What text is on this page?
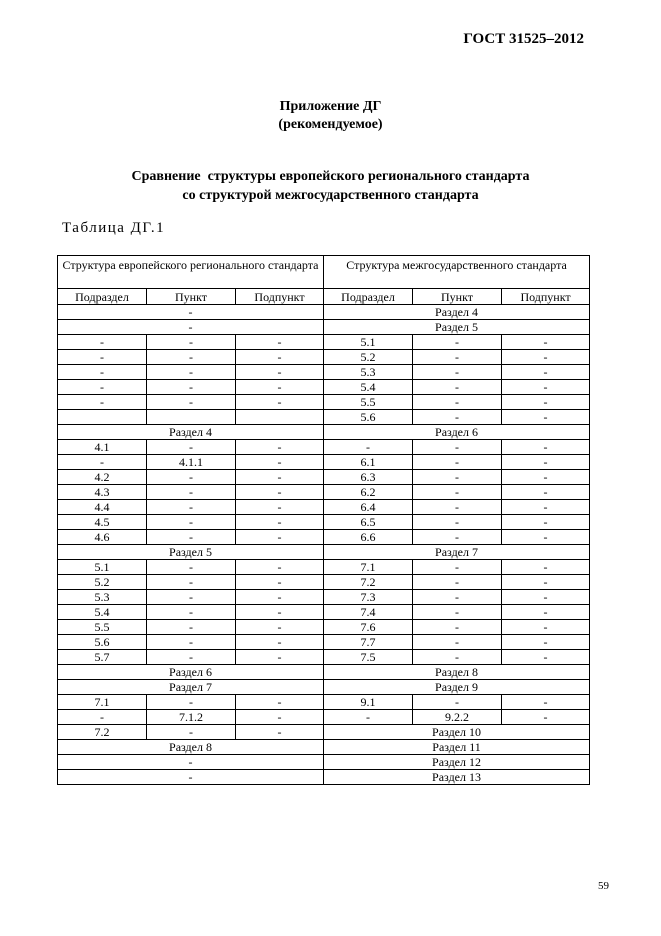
ГОСТ 31525–2012
Приложение ДГ
(рекомендуемое)
Сравнение  структуры европейского регионального стандарта
со структурой межгосударственного стандарта
Таблица ДГ.1
Структура европейского регионального стандарта			Структура межгосударственного стандарта		
Подраздел	Пункт	Подпункт	Подраздел	Пункт	Подпункт
-			Раздел 4		
-			Раздел 5		
-	-	-	5.1	-	-
-	-	-	5.2	-	-
-	-	-	5.3	-	-
-	-	-	5.4	-	-
-	-	-	5.5	-	-
			5.6	-	-
Раздел 4			Раздел 6		
4.1	-	-	-	-	-
-	4.1.1	-	6.1	-	-
4.2	-	-	6.3	-	-
4.3	-	-	6.2	-	-
4.4	-	-	6.4	-	-
4.5	-	-	6.5	-	-
4.6	-	-	6.6	-	-
Раздел 5			Раздел 7		
5.1	-	-	7.1	-	-
5.2	-	-	7.2	-	-
5.3	-	-	7.3	-	-
5.4	-	-	7.4	-	-
5.5	-	-	7.6	-	-
5.6	-	-	7.7	-	-
5.7	-	-	7.5	-	-
Раздел 6			Раздел 8		
Раздел 7			Раздел 9		
7.1	-	-	9.1	-	-
-	7.1.2	-	-	9.2.2	-
7.2	-	-	Раздел 10		
Раздел 8			Раздел 11		
-			Раздел 12		
-			Раздел 13		
59
